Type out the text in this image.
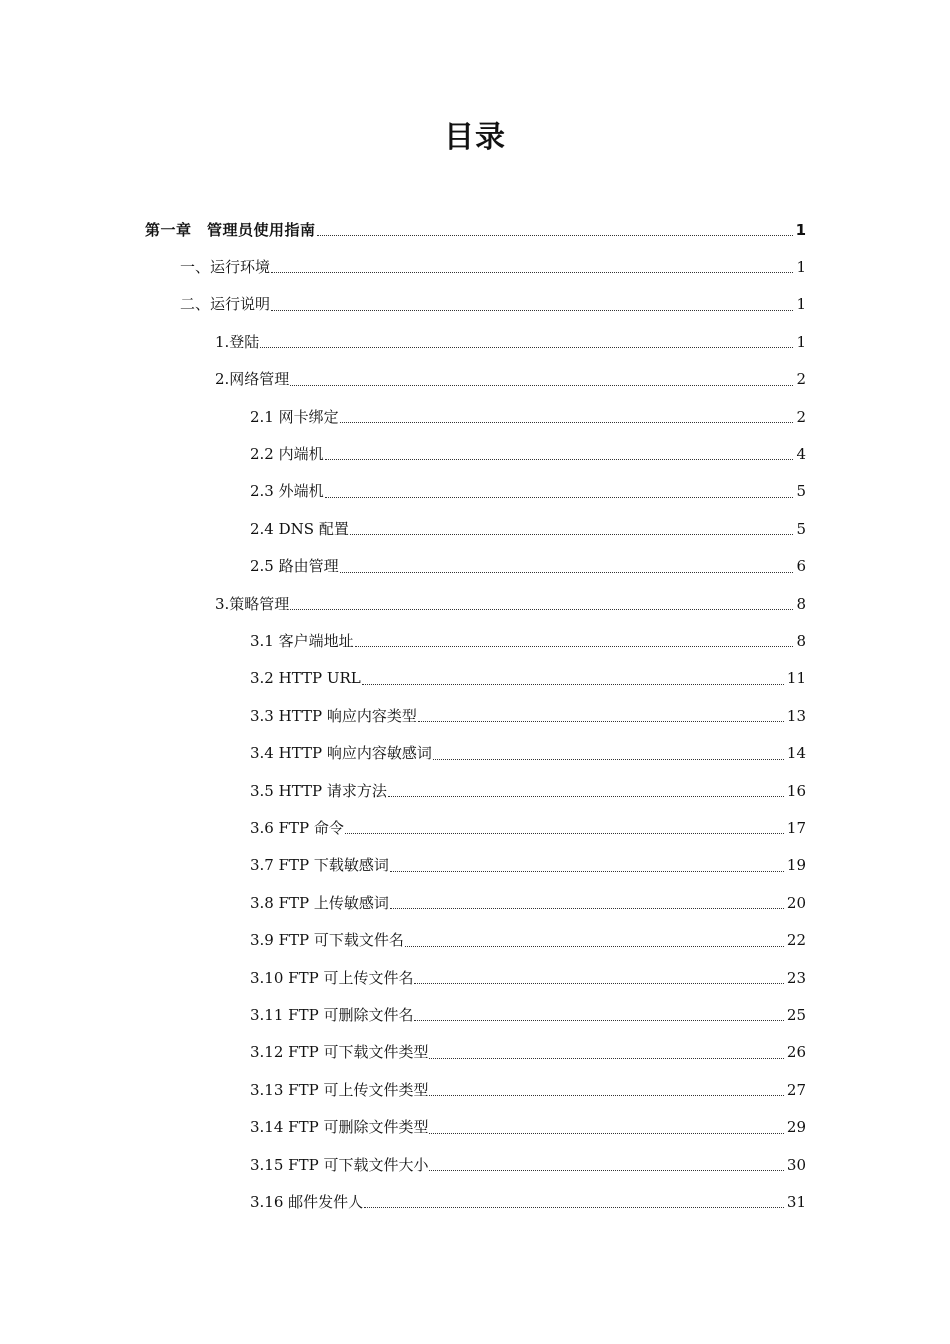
目录
第一章　管理员使用指南	1
一、运行环境	1
二、运行说明	1
1.登陆	1
2.网络管理	2
2.1 网卡绑定	2
2.2 内端机	4
2.3 外端机	5
2.4 DNS 配置	5
2.5 路由管理	6
3.策略管理	8
3.1 客户端地址	8
3.2 HTTP URL	11
3.3 HTTP 响应内容类型	13
3.4 HTTP 响应内容敏感词	14
3.5 HTTP 请求方法	16
3.6 FTP 命令	17
3.7 FTP 下载敏感词	19
3.8 FTP 上传敏感词	20
3.9 FTP 可下载文件名	22
3.10 FTP 可上传文件名	23
3.11 FTP 可删除文件名	25
3.12 FTP 可下载文件类型	26
3.13 FTP 可上传文件类型	27
3.14 FTP 可删除文件类型	29
3.15 FTP 可下载文件大小	30
3.16 邮件发件人	31
